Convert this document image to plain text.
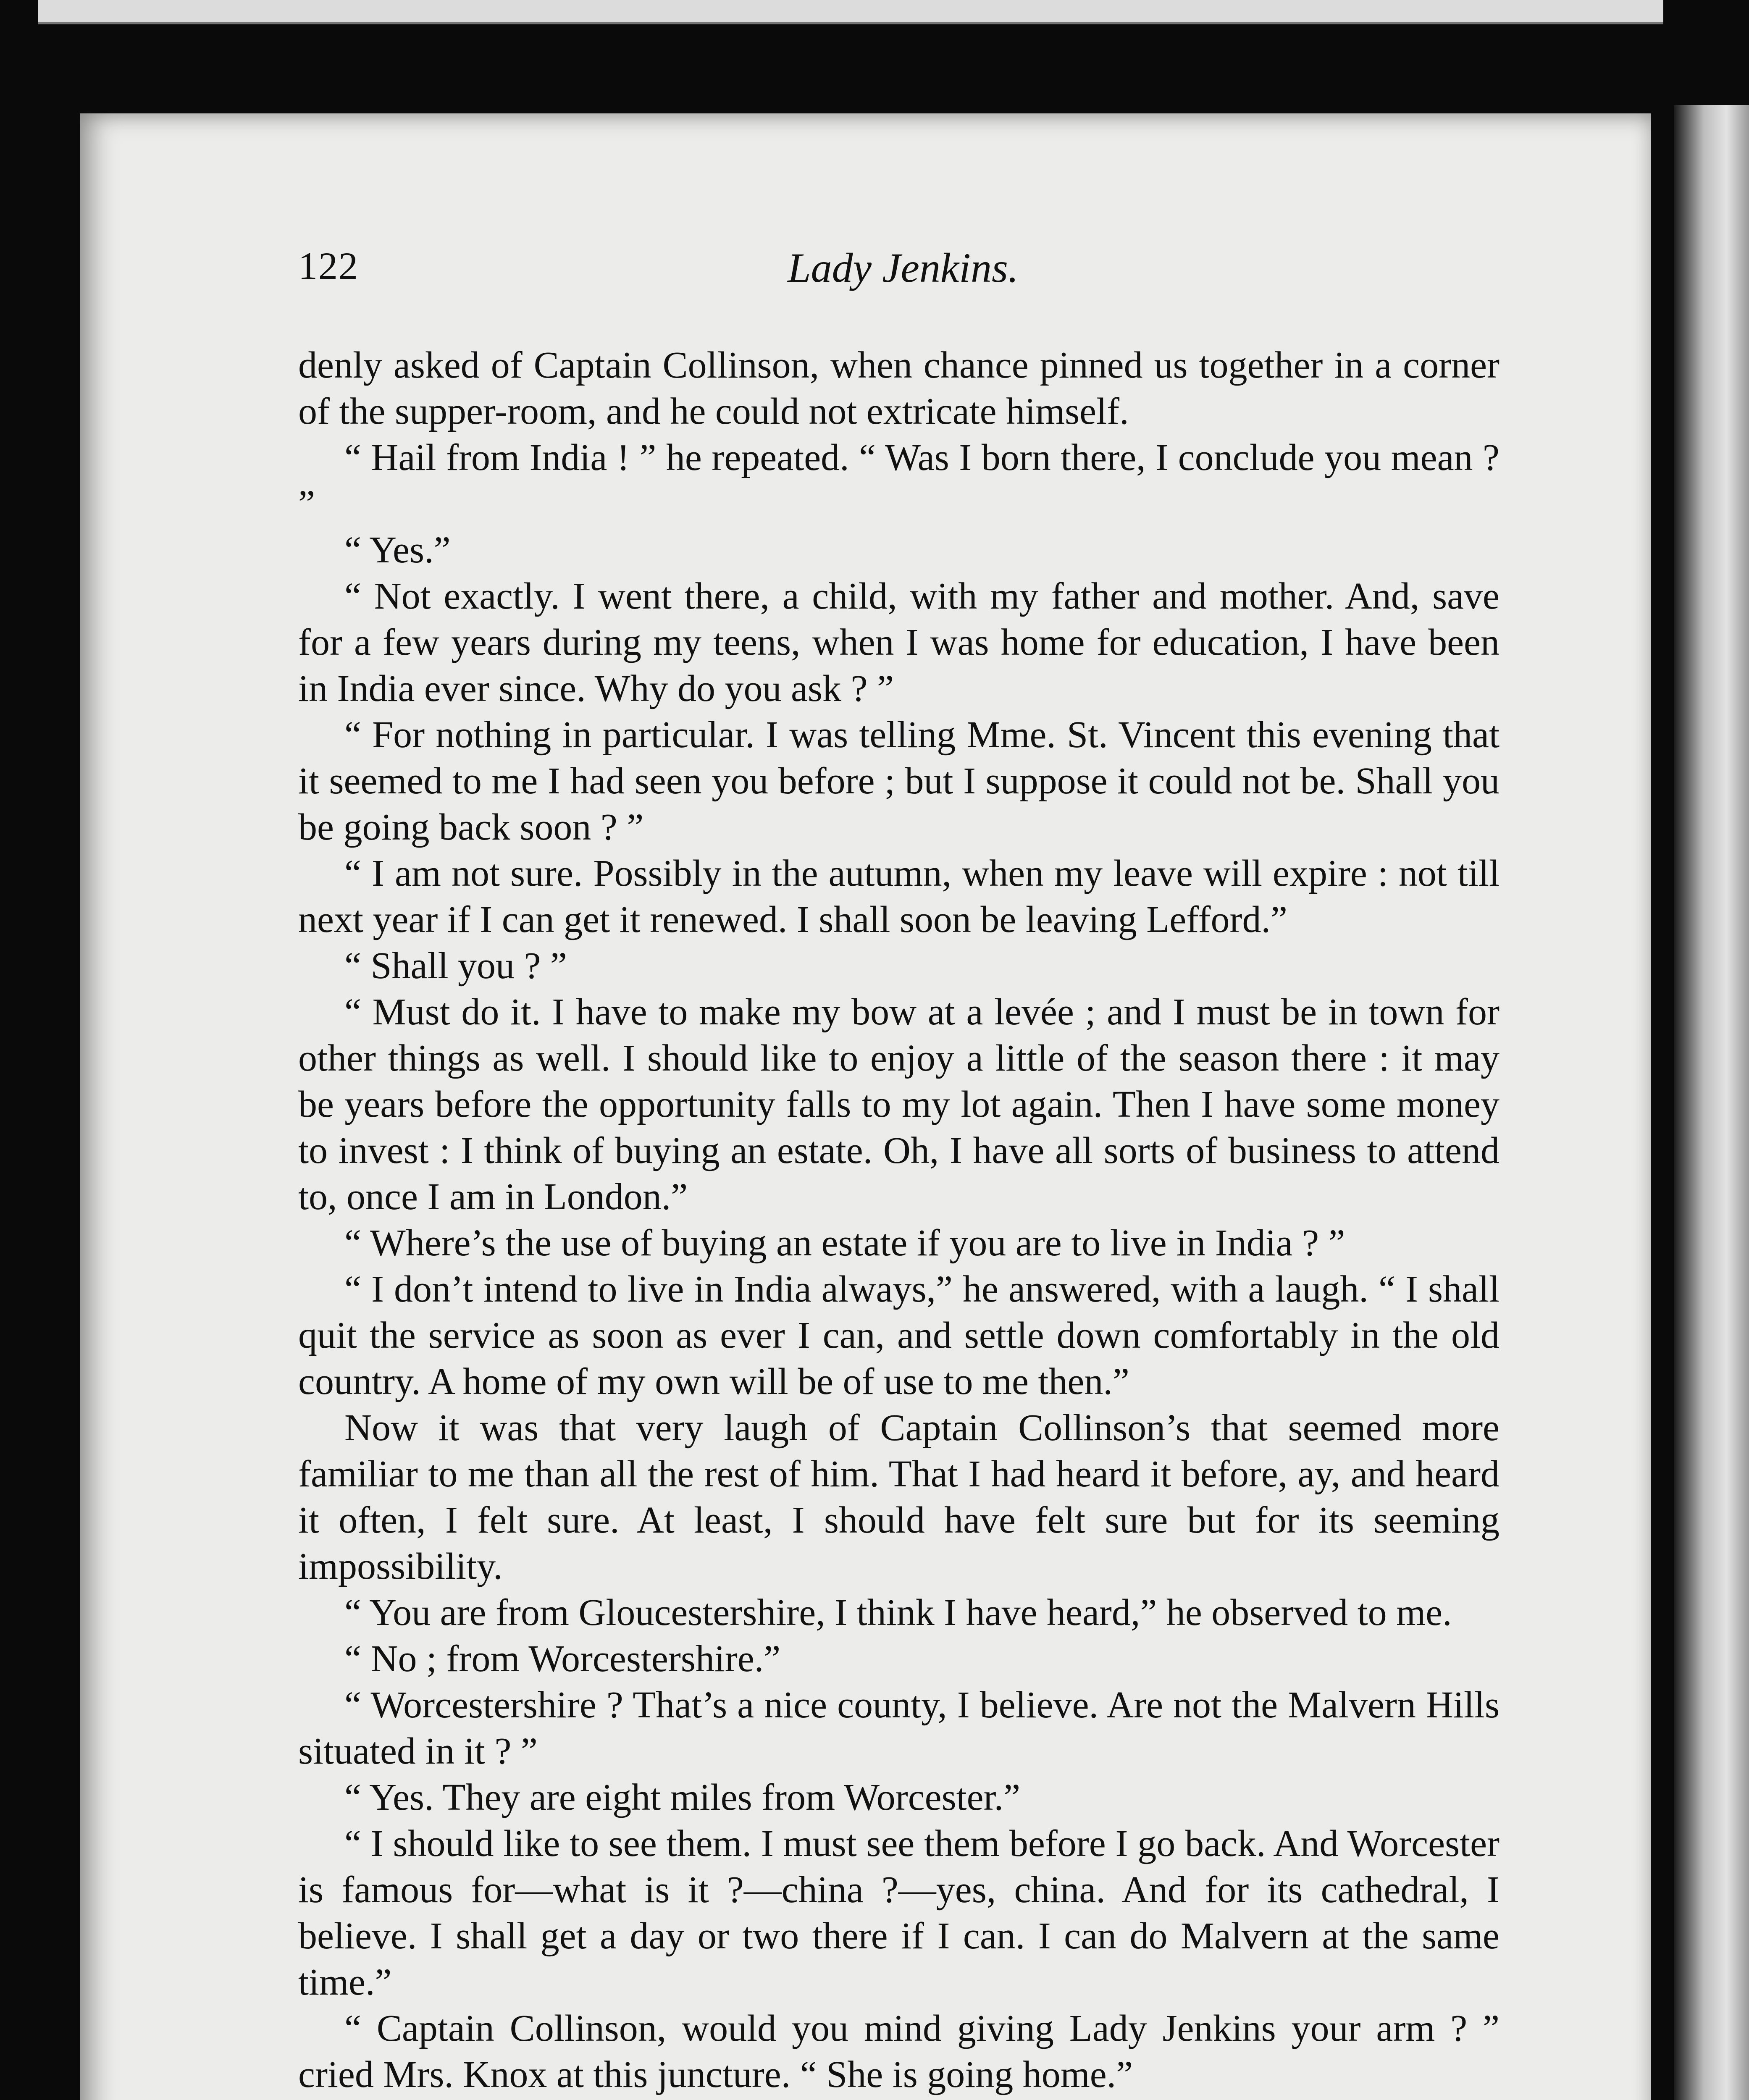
122	Lady Jenkins.

denly asked of Captain Collinson, when chance pinned us together in a corner of the supper-room, and he could not extricate himself.

“ Hail from India ! ” he repeated. “ Was I born there, I conclude you mean ? ”

“ Yes.”

“ Not exactly. I went there, a child, with my father and mother. And, save for a few years during my teens, when I was home for education, I have been in India ever since. Why do you ask ? ”

“ For nothing in particular. I was telling Mme. St. Vincent this evening that it seemed to me I had seen you before ; but I suppose it could not be. Shall you be going back soon ? ”

“ I am not sure. Possibly in the autumn, when my leave will expire : not till next year if I can get it renewed. I shall soon be leaving Lefford.”

“ Shall you ? ”

“ Must do it. I have to make my bow at a levée ; and I must be in town for other things as well. I should like to enjoy a little of the season there : it may be years before the opportunity falls to my lot again. Then I have some money to invest : I think of buying an estate. Oh, I have all sorts of business to attend to, once I am in London.”

“ Where’s the use of buying an estate if you are to live in India ? ”

“ I don’t intend to live in India always,” he answered, with a laugh. “ I shall quit the service as soon as ever I can, and settle down comfortably in the old country. A home of my own will be of use to me then.”

Now it was that very laugh of Captain Collinson’s that seemed more familiar to me than all the rest of him. That I had heard it before, ay, and heard it often, I felt sure. At least, I should have felt sure but for its seeming impossibility.

“ You are from Gloucestershire, I think I have heard,” he observed to me.

“ No ; from Worcestershire.”

“ Worcestershire ? That’s a nice county, I believe. Are not the Malvern Hills situated in it ? ”

“ Yes. They are eight miles from Worcester.”

“ I should like to see them. I must see them before I go back. And Worcester is famous for—what is it ?—china ?—yes, china. And for its cathedral, I believe. I shall get a day or two there if I can. I can do Malvern at the same time.”

“ Captain Collinson, would you mind giving Lady Jenkins your arm ? ” cried Mrs. Knox at this juncture. “ She is going home.”
